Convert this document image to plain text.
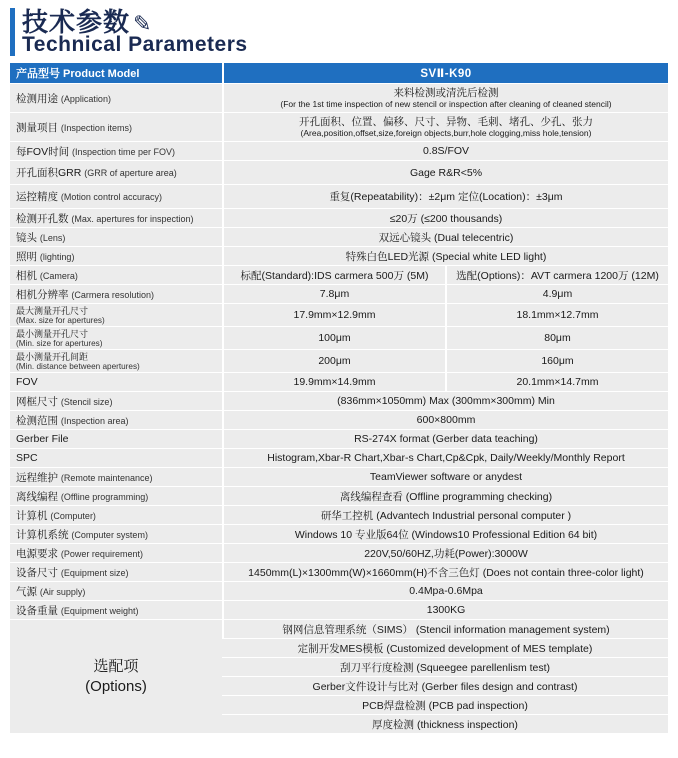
技术参数 ✎
Technical Parameters
产品型号 Product Model	SVⅡ-K90	
检测用途 (Application)	来料检测或清洗后检测
(For the 1st time inspection of new stencil or inspection after cleaning of cleaned stencil)	

测量项目 (Inspection items)	开孔面积、位置、偏移、尺寸、异物、毛刺、堵孔、少孔、张力
(Area,position,offset,size,foreign objects,burr,hole clogging,miss hole,tension)	

每FOV时间 (Inspection time per FOV)	0.8S/FOV	
开孔面积GRR (GRR of aperture area)	Gage R&R<5%	
运控精度 (Motion control accuracy)	重复(Repeatability)：±2μm 定位(Location)：±3μm	
检测开孔数 (Max. apertures for inspection)	≤20万 (≤200 thousands)	
镜头 (Lens)	双远心镜头 (Dual telecentric)	
照明 (lighting)	特殊白色LED光源 (Special white LED light)	
相机 (Camera)	标配(Standard):IDS carmera 500万 (5M)	选配(Options)：AVT carmera 1200万 (12M)
相机分辨率 (Carmera resolution)	7.8μm	4.9μm

最大测量开孔尺寸
(Max. size for apertures)	17.9mm×12.9mm	18.1mm×12.7mm

最小测量开孔尺寸
(Min. size for apertures)	100μm	80μm

最小测量开孔间距
(Min. distance between apertures)	200μm	160μm
FOV	19.9mm×14.9mm	20.1mm×14.7mm
网框尺寸 (Stencil size)	(836mm×1050mm) Max (300mm×300mm) Min	
检测范围 (Inspection area)	600×800mm	
Gerber File	RS-274X format (Gerber data teaching)	
SPC	Histogram,Xbar-R Chart,Xbar-s Chart,Cp&Cpk, Daily/Weekly/Monthly Report	
远程维护 (Remote maintenance)	TeamViewer software or anydest	
离线编程 (Offline programming)	离线编程查看 (Offline programming checking)	
计算机 (Computer)	研华工控机 (Advantech Industrial personal computer )	
计算机系统 (Computer system)	Windows 10 专业版64位 (Windows10 Professional Edition 64 bit)	
电源要求 (Power requirement)	220V,50/60HZ,功耗(Power):3000W	
设备尺寸 (Equipment size)	1450mm(L)×1300mm(W)×1660mm(H)不含三色灯 (Does not contain three-color light)	
气源 (Air supply)	0.4Mpa-0.6Mpa	
设备重量 (Equipment weight)	1300KG	

选配项
(Options)	钢网信息管理系统（SIMS） (Stencil information management system)	
	定制开发MES模板 (Customized development of MES template)	
	刮刀平行度检测 (Squeegee parellenlism test)	
	Gerber文件设计与比对 (Gerber files design and contrast)	
	PCB焊盘检测 (PCB pad inspection)	
	厚度检测 (thickness inspection)	
